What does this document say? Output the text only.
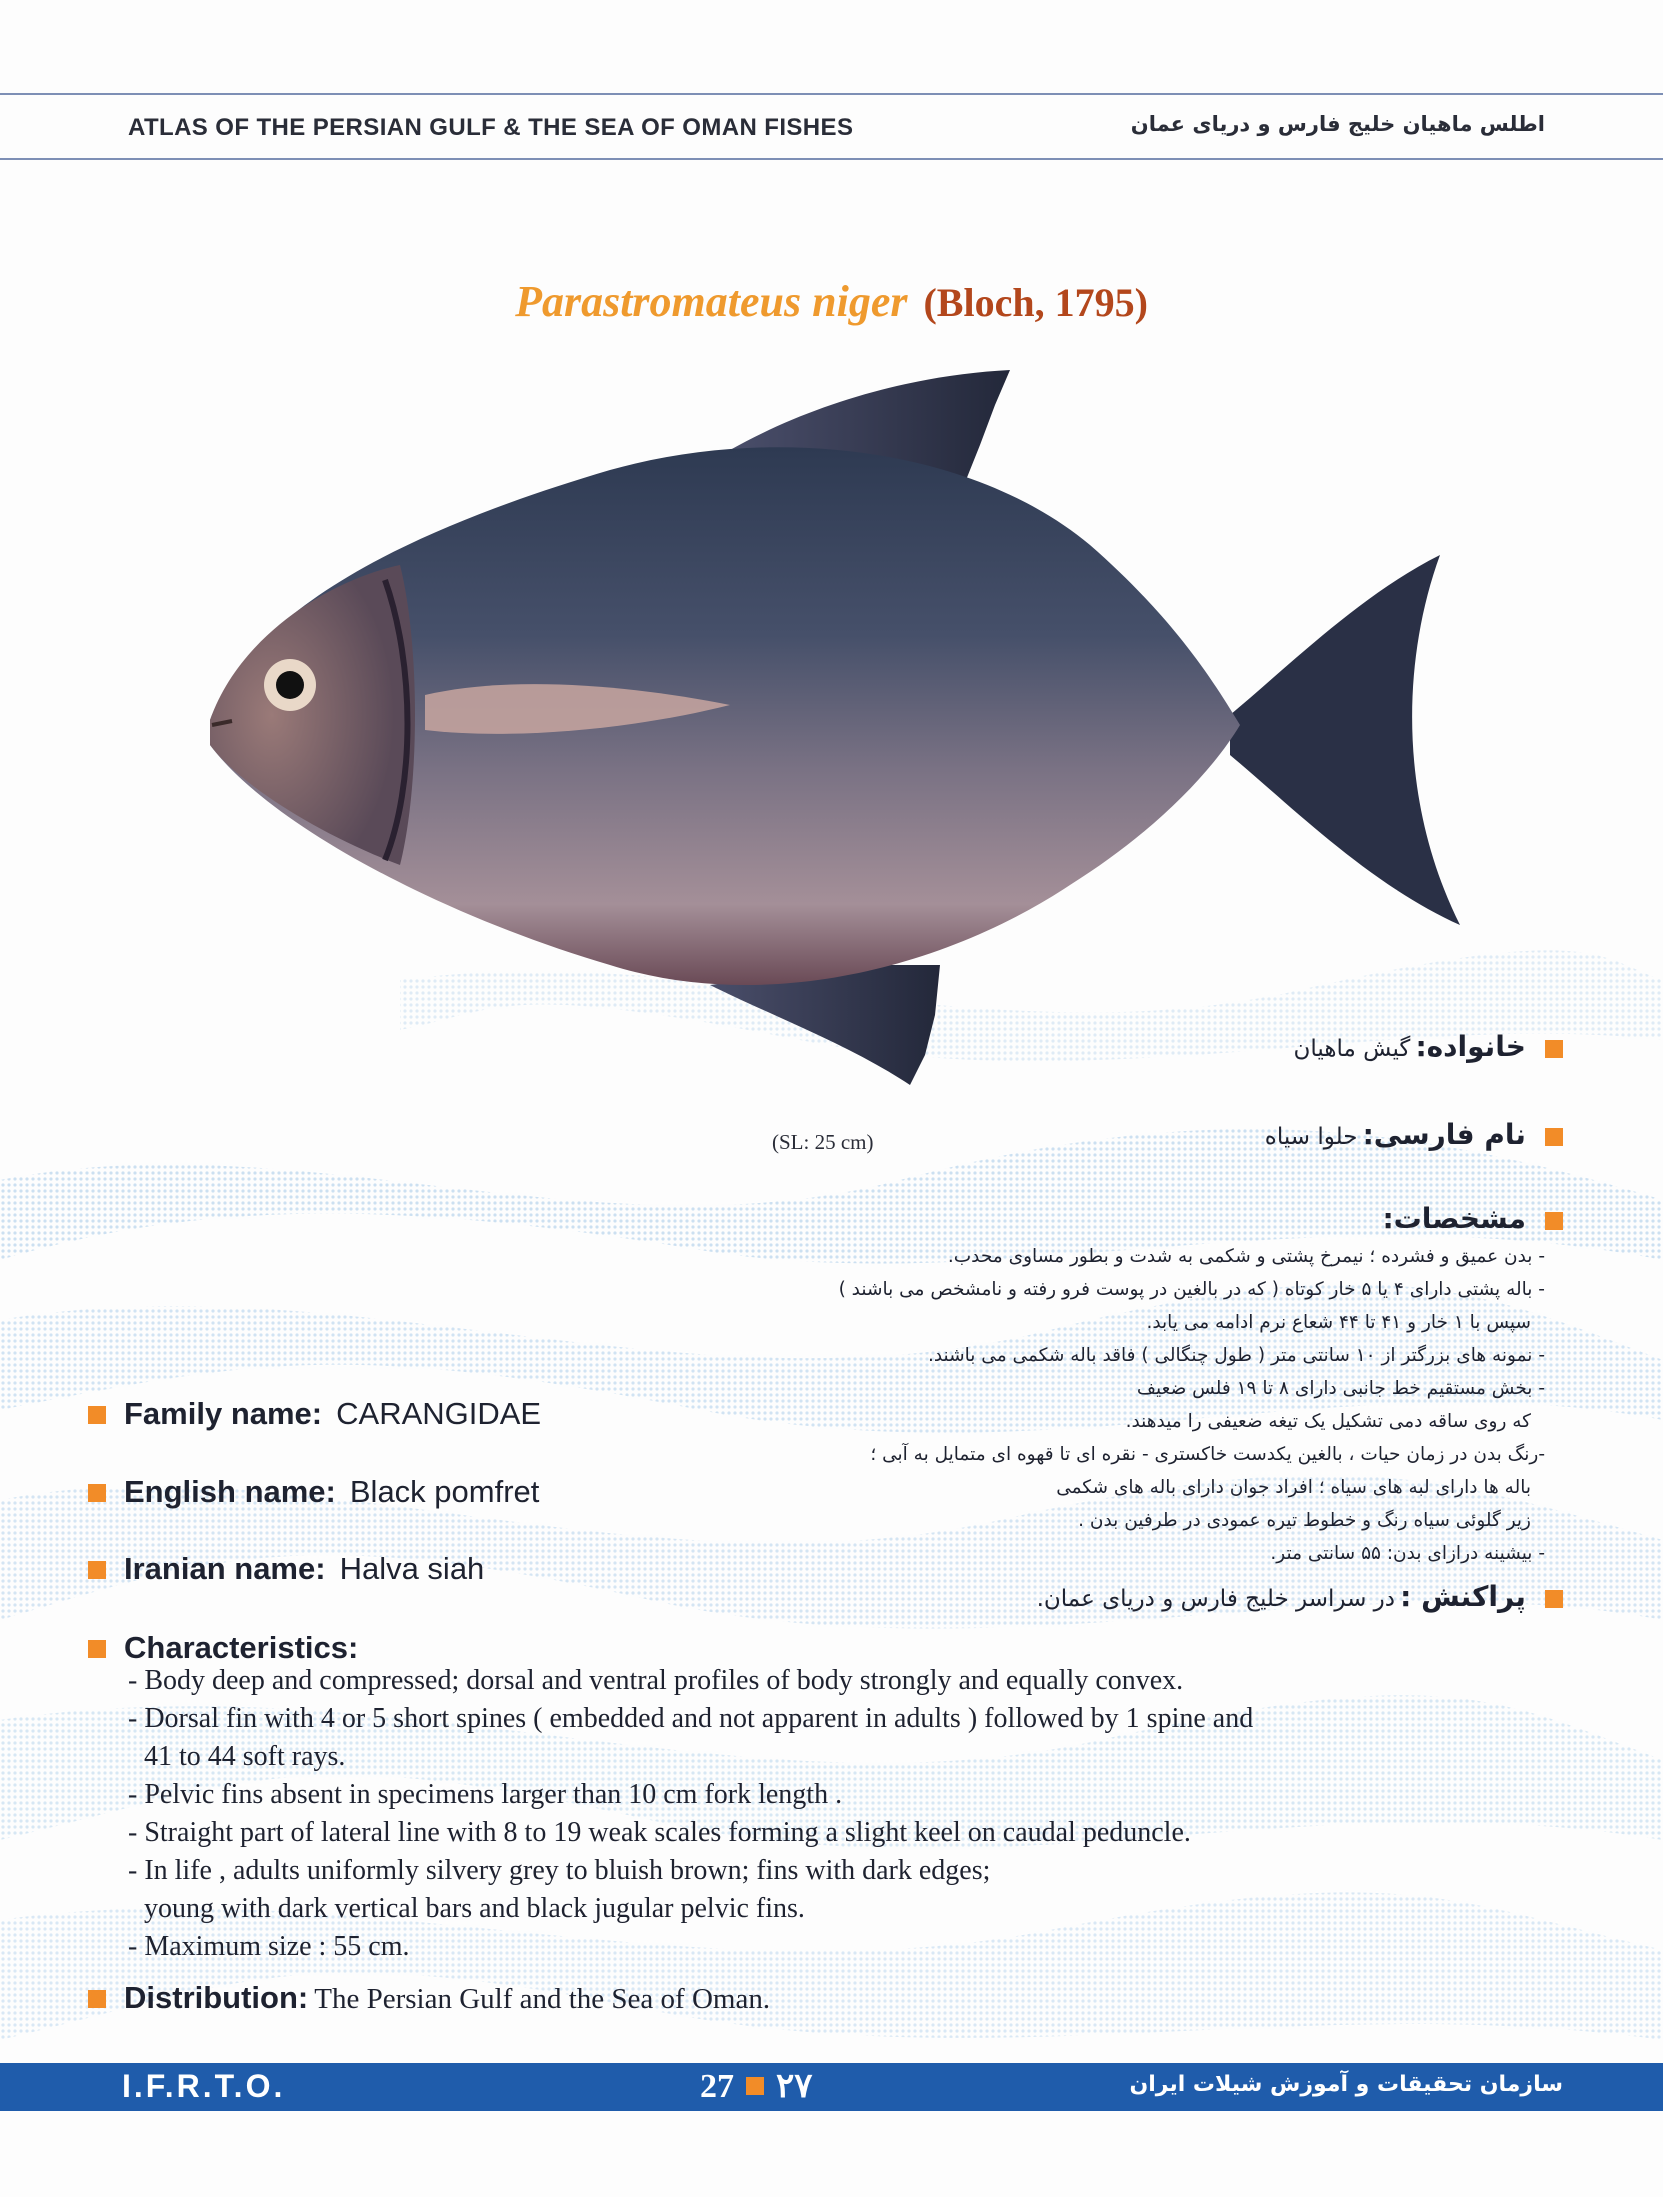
ATLAS OF THE PERSIAN GULF & THE SEA OF OMAN FISHES	اطلس ماهیان خلیج فارس و دریای عمان
Parastromateus niger (Bloch, 1795)
(SL: 25 cm)
خانواده: گیش ماهیان
نام فارسی: حلوا سیاه
مشخصات:
- بدن عمیق و فشرده ؛ نیمرخ پشتی و شکمی به شدت و بطور مساوی محدب.
- باله پشتی دارای ۴ یا ۵ خار کوتاه ( که در بالغین در پوست فرو رفته و نامشخص می باشند )
سپس با ۱ خار و ۴۱ تا ۴۴ شعاع نرم ادامه می یابد.
- نمونه های بزرگتر از ۱۰ سانتی متر ( طول چنگالی ) فاقد باله شکمی می باشند.
- بخش مستقیم خط جانبی دارای ۸ تا ۱۹ فلس ضعیف
که روی ساقه دمی تشکیل یک تیغه ضعیفی را میدهند.
-رنگ بدن در زمان حیات ، بالغین یکدست خاکستری - نقره ای تا قهوه ای متمایل به آبی ؛
باله ها دارای لبه های سیاه ؛ افراد جوان دارای باله های شکمی
زیر گلوئی سیاه رنگ و خطوط تیره عمودی در طرفین بدن .
- بیشینه درازای بدن: ۵۵ سانتی متر.
پراکنش : در سراسر خلیج فارس و دریای عمان.
Family name: CARANGIDAE
English name: Black pomfret
Iranian name: Halva siah
Characteristics:
- Body deep and compressed; dorsal and ventral profiles of body strongly and equally convex.
- Dorsal fin with 4 or 5 short spines ( embedded and not apparent in adults ) followed by 1 spine and
41 to 44 soft rays.
- Pelvic fins absent in specimens larger than 10 cm fork length .
- Straight part of lateral line with 8 to 19 weak scales forming a slight keel on caudal peduncle.
- In life , adults uniformly silvery grey to bluish brown; fins with dark edges;
young with dark vertical bars and black jugular pelvic fins.
- Maximum size : 55 cm.
Distribution: The Persian Gulf and the Sea of Oman.
I.F.R.T.O.	27 ۲۷	سازمان تحقیقات و آموزش شیلات ایران
